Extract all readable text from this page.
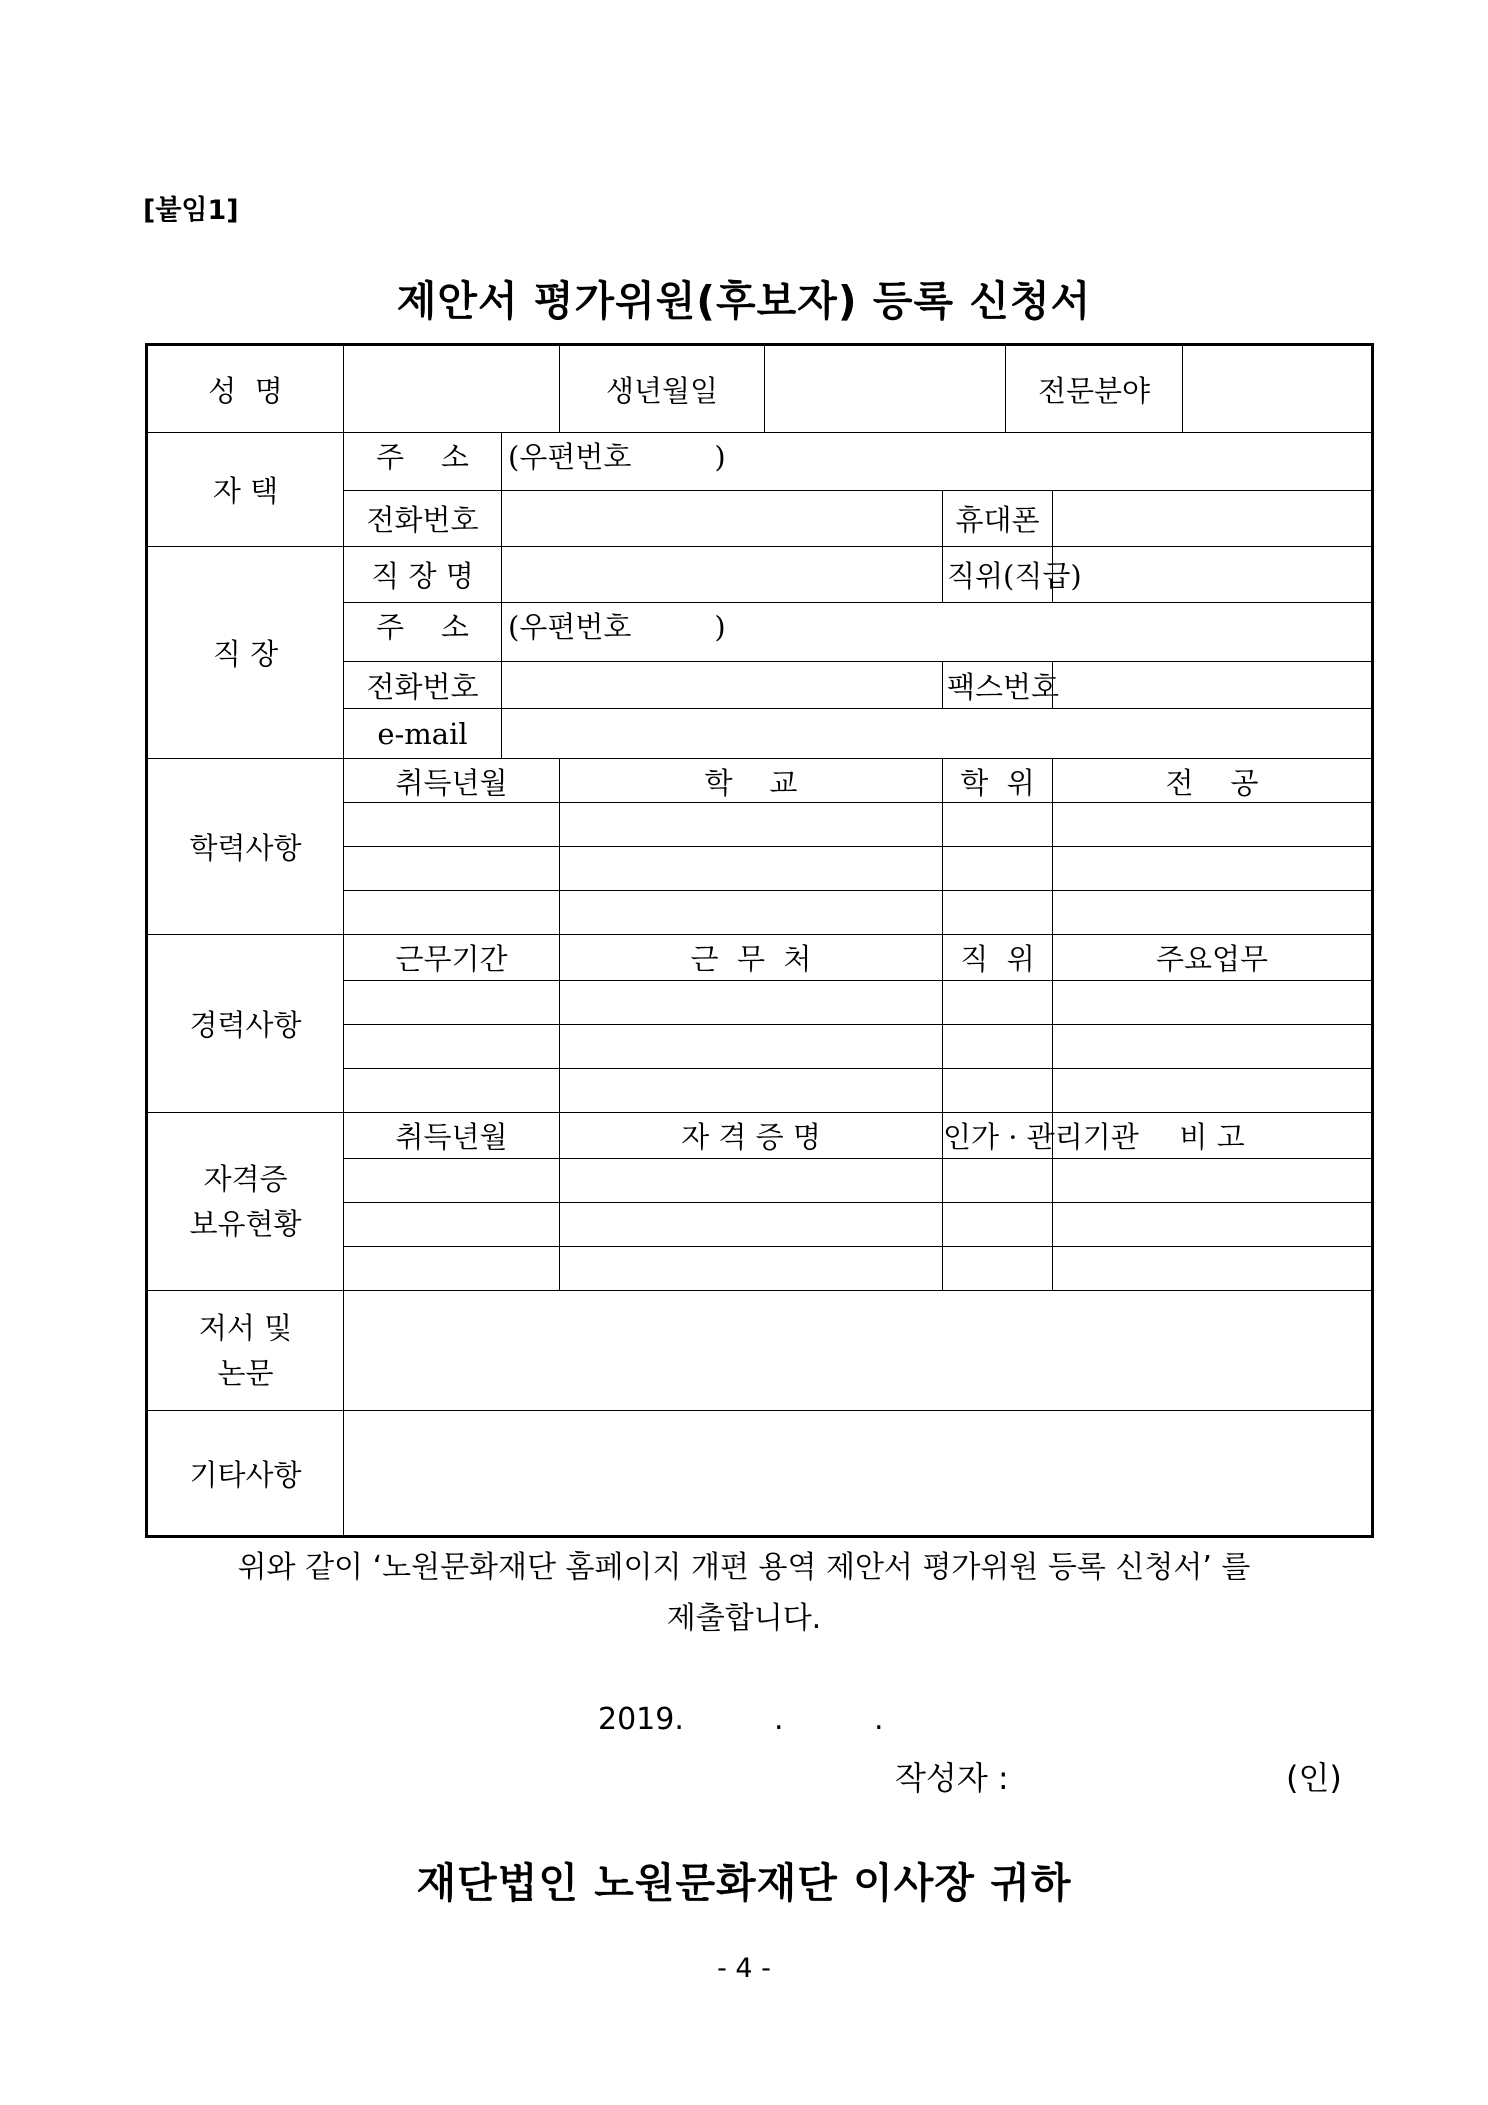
[붙임1]
제안서 평가위원(후보자) 등록 신청서
성  명			생년월일			전문분야		
자 택	주    소	(우편번호         )						
	전화번호				휴대폰			
직 장	직 장 명				직위(직급)			
	주    소	(우편번호         )						
	전화번호				팩스번호			
	e-mail							
학력사항	취득년월		학    교		학  위		전    공	

경력사항	근무기간		근  무  처		직  위		주요업무	

자격증
보유현황	취득년월		자 격 증 명		인가 · 관리기관		비 고	

저서 및
논문								
기타사항								
위와 같이 ‘노원문화재단 홈페이지 개편 용역 제안서 평가위원 등록 신청서’ 를
제출합니다.
2019.	.	.
작성자 :	(인)
재단법인 노원문화재단 이사장 귀하
- 4 -
